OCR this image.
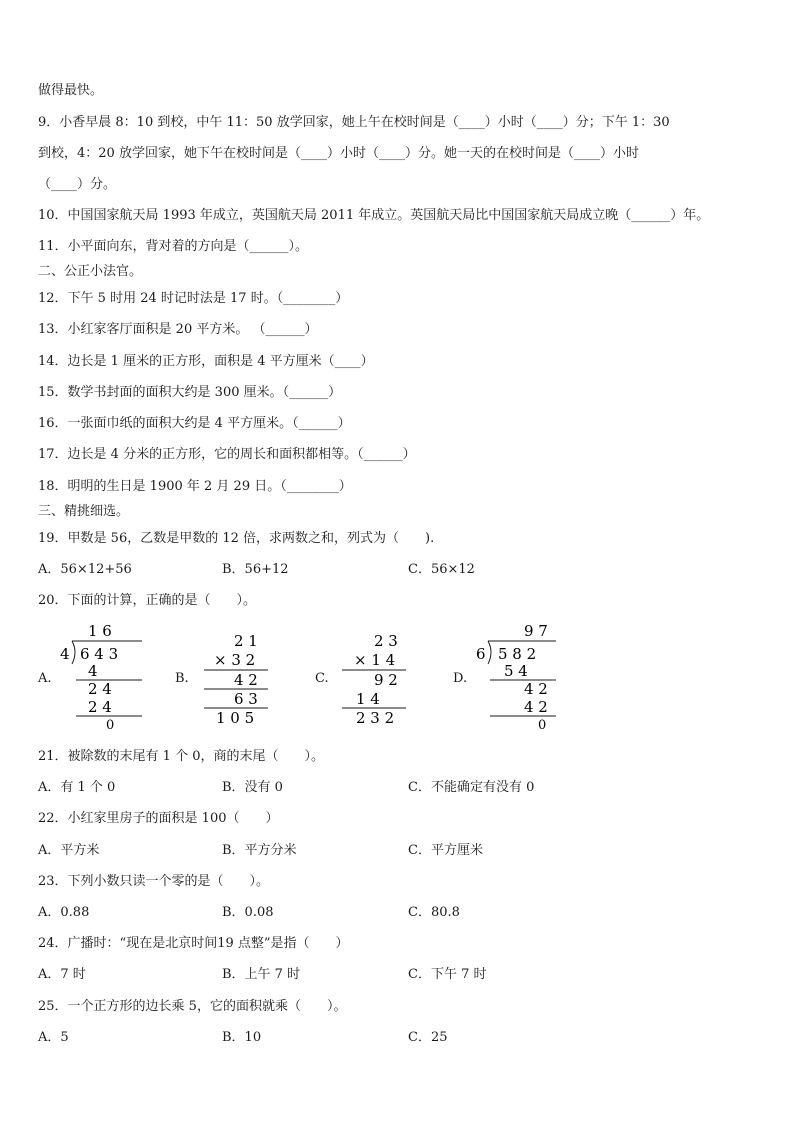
做得最快。
9．小香早晨 8：10 到校，中午 11：50 放学回家，她上午在校时间是（____）小时（____）分；下午 1：30
到校，4：20 放学回家，她下午在校时间是（____）小时（____）分。她一天的在校时间是（____）小时
（____）分。
10．中国国家航天局 1993 年成立，英国航天局 2011 年成立。英国航天局比中国国家航天局成立晚（______）年。
11．小平面向东，背对着的方向是（______）。
二、公正小法官。
12．下午 5 时用 24 时记时法是 17 时。（________）
13．小红家客厅面积是 20 平方米。 （______）
14．边长是 1 厘米的正方形，面积是 4 平方厘米（____）
15．数学书封面的面积大约是 300 厘米。（______）
16．一张面巾纸的面积大约是 4 平方厘米。（______）
17．边长是 4 分米的正方形，它的周长和面积都相等。（______）
18．明明的生日是 1900 年 2 月 29 日。（________）
三、精挑细选。
19．甲数是 56，乙数是甲数的 12 倍，求两数之和，列式为（　　).
A．56×12+56	B．56+12	C．56×12
20．下面的计算，正确的是（　　）。
A.	B.	C.	D.
1 6
4 6 4 3
4
2 4
2 4
0
2 1
× 3 2
4 2
6 3
1 0 5
2 3
× 1 4
9 2
1 4
2 3 2
9 7
6 5 8 2
5 4
4 2
4 2
0
21．被除数的末尾有 1 个 0，商的末尾（　　）。
A．有 1 个 0	B．没有 0	C．不能确定有没有 0
22．小红家里房子的面积是 100（　　）
A．平方米	B．平方分米	C．平方厘米
23．下列小数只读一个零的是（　　）。
A．0.88	B．0.08	C．80.8
24．广播时：“现在是北京时间19 点整”是指（　　）
A．7 时	B．上午 7 时	C．下午 7 时
25．一个正方形的边长乘 5，它的面积就乘（　　）。
A．5	B．10	C．25
